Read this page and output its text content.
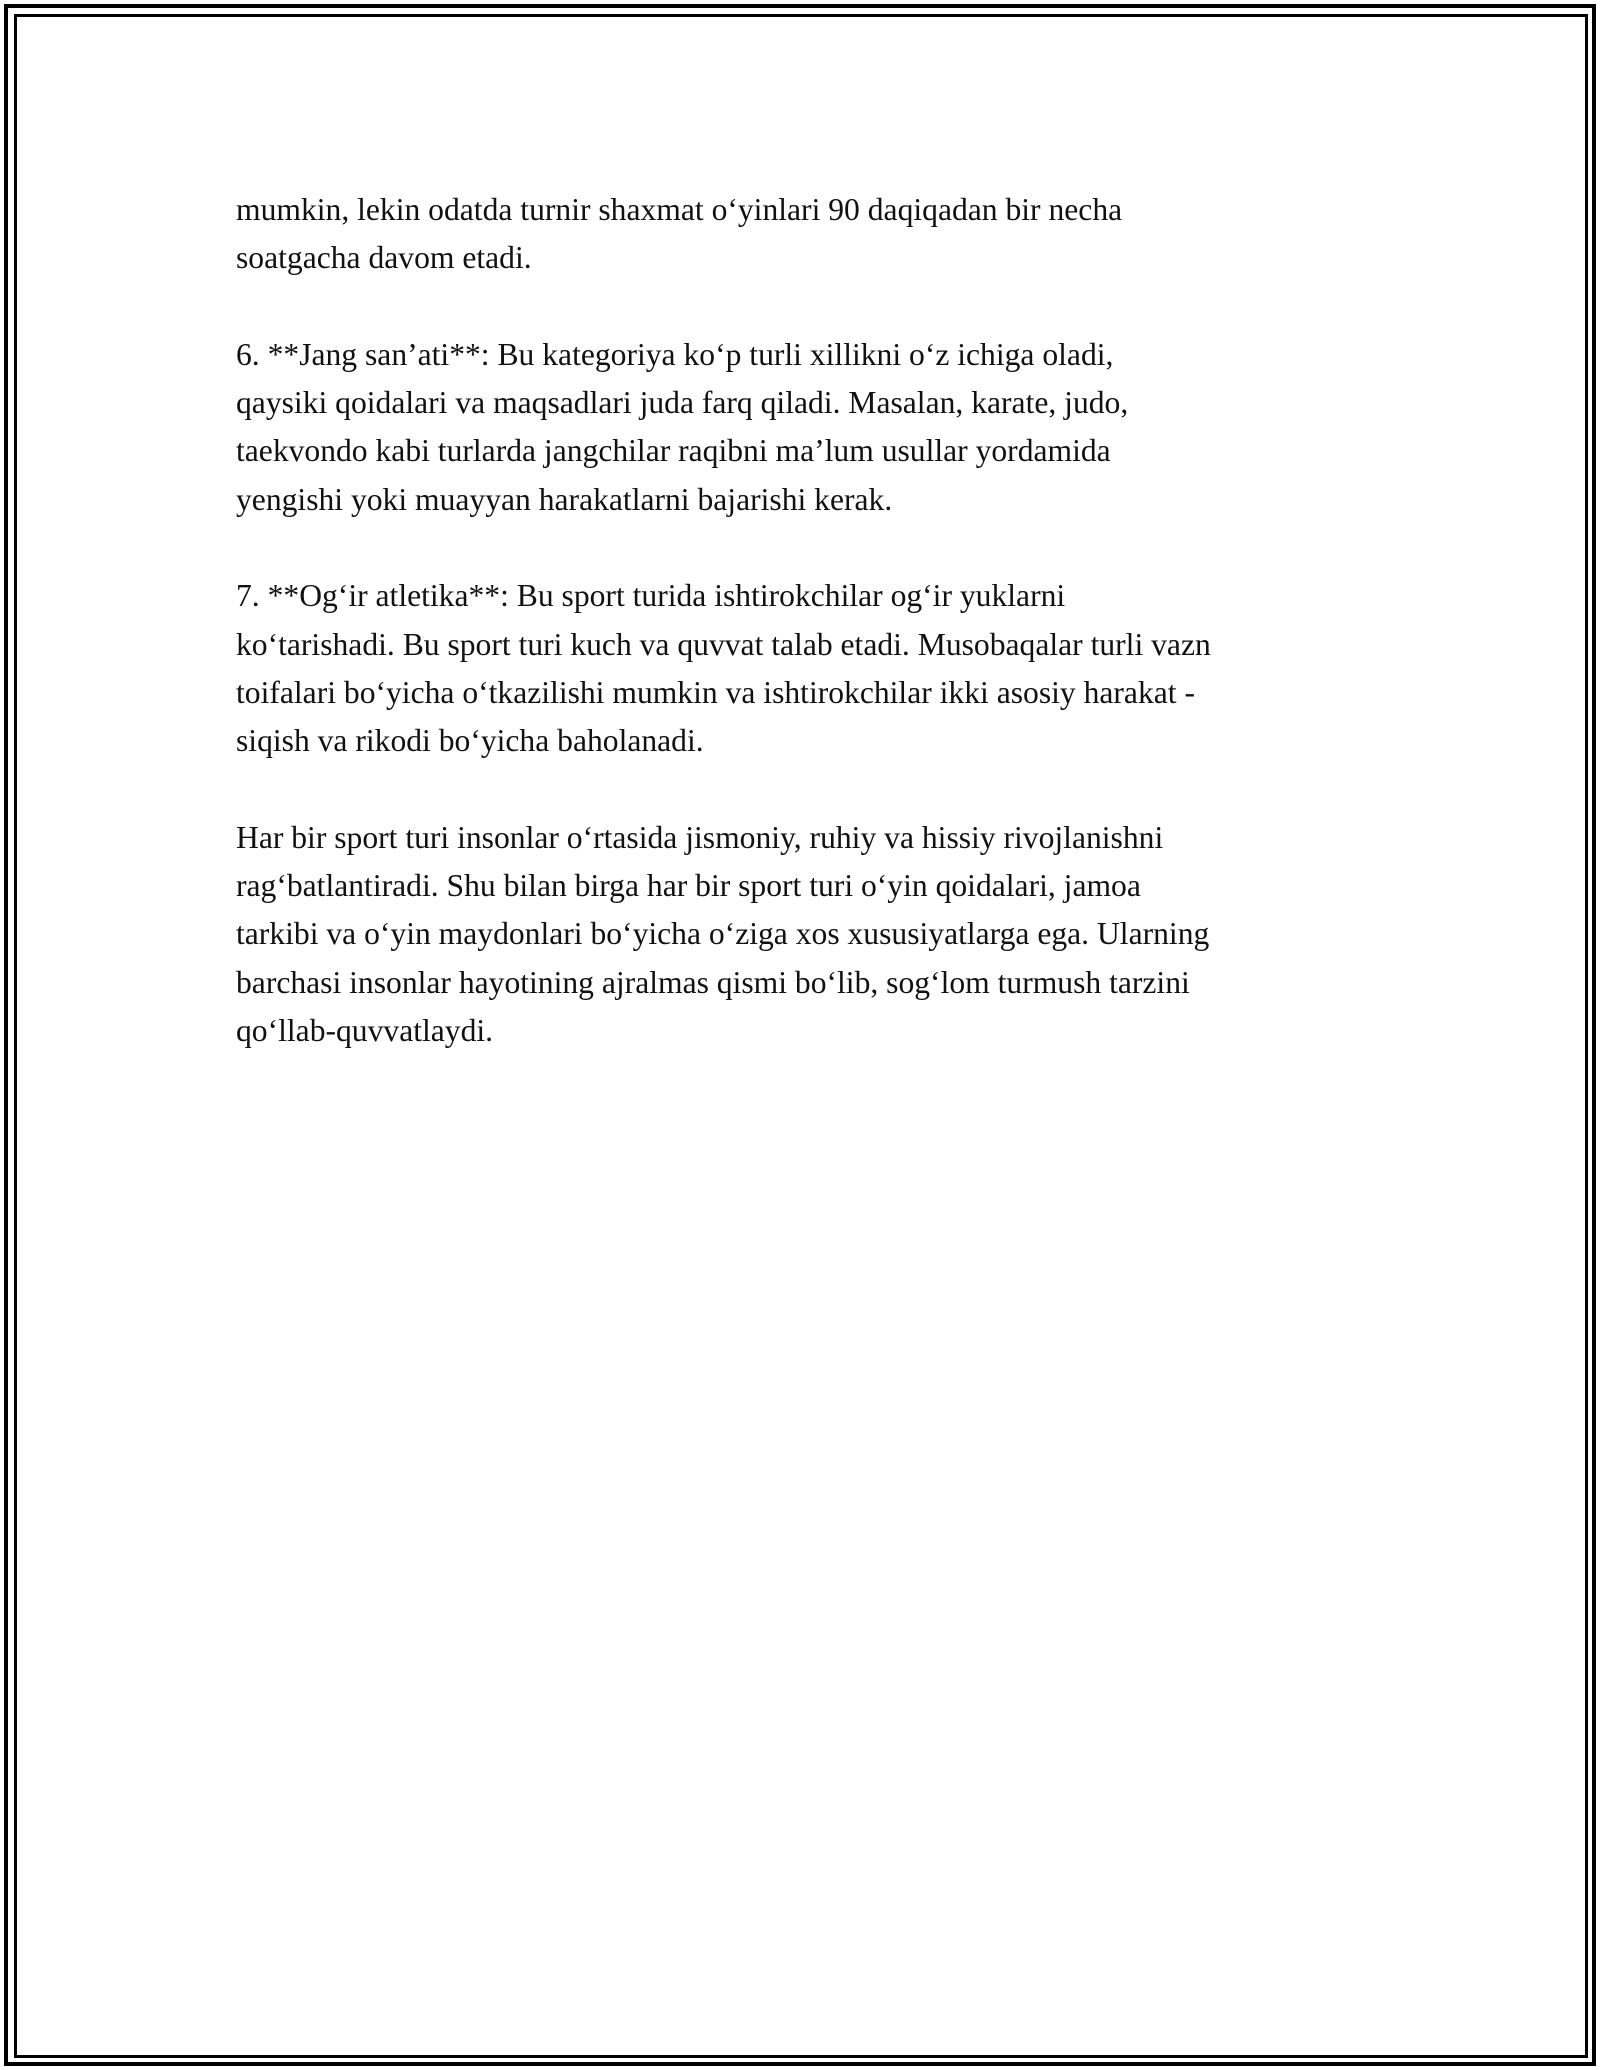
mumkin, lekin odatda turnir shaxmat o‘yinlari 90 daqiqadan bir necha
soatgacha davom etadi.

6. **Jang san’ati**: Bu kategoriya ko‘p turli xillikni o‘z ichiga oladi,
qaysiki qoidalari va maqsadlari juda farq qiladi. Masalan, karate, judo,
taekvondo kabi turlarda jangchilar raqibni ma’lum usullar yordamida
yengishi yoki muayyan harakatlarni bajarishi kerak.

7. **Og‘ir atletika**: Bu sport turida ishtirokchilar og‘ir yuklarni
ko‘tarishadi. Bu sport turi kuch va quvvat talab etadi. Musobaqalar turli vazn
toifalari bo‘yicha o‘tkazilishi mumkin va ishtirokchilar ikki asosiy harakat -
siqish va rikodi bo‘yicha baholanadi.

Har bir sport turi insonlar o‘rtasida jismoniy, ruhiy va hissiy rivojlanishni
rag‘batlantiradi. Shu bilan birga har bir sport turi o‘yin qoidalari, jamoa
tarkibi va o‘yin maydonlari bo‘yicha o‘ziga xos xususiyatlarga ega. Ularning
barchasi insonlar hayotining ajralmas qismi bo‘lib, sog‘lom turmush tarzini
qo‘llab-quvvatlaydi.
